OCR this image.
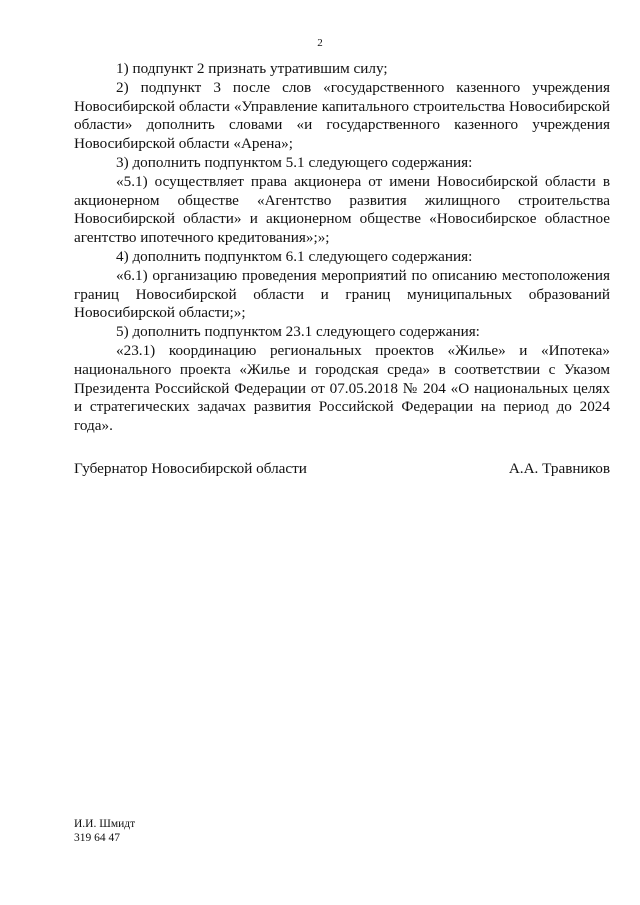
2

1) подпункт 2 признать утратившим силу;

2) подпункт 3 после слов «государственного казенного учреждения Новосибирской области «Управление капитального строительства Новосибирской области» дополнить словами «и государственного казенного учреждения Новосибирской области «Арена»;

3) дополнить подпунктом 5.1 следующего содержания:

«5.1) осуществляет права акционера от имени Новосибирской области в акционерном обществе «Агентство развития жилищного строительства Новосибирской области» и акционерном обществе «Новосибирское областное агентство ипотечного кредитования»;»;

4) дополнить подпунктом 6.1 следующего содержания:

«6.1) организацию проведения мероприятий по описанию местоположения границ Новосибирской области и границ муниципальных образований Новосибирской области;»;

5) дополнить подпунктом 23.1 следующего содержания:

«23.1) координацию региональных проектов «Жилье» и «Ипотека» национального проекта «Жилье и городская среда» в соответствии с Указом Президента Российской Федерации от 07.05.2018 № 204 «О национальных целях и стратегических задачах развития Российской Федерации на период до 2024 года».

Губернатор Новосибирской области	А.А. Травников
И.И. Шмидт
319 64 47
